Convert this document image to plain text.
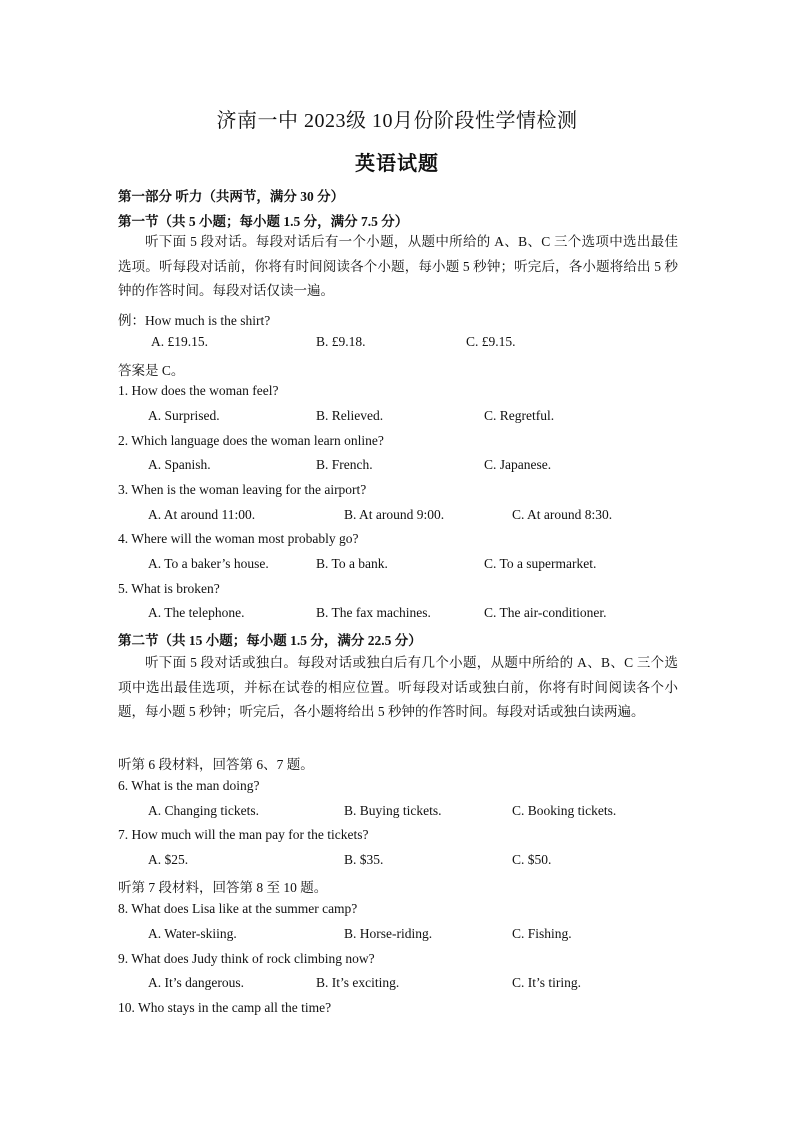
济南一中 2023级 10月份阶段性学情检测
英语试题
第一部分 听力（共两节，满分 30 分）
第一节（共 5 小题；每小题 1.5 分，满分 7.5 分）
听下面 5 段对话。每段对话后有一个小题，从题中所给的 A、B、C 三个选项中选出最佳选项。听每段对话前，你将有时间阅读各个小题，每小题 5 秒钟；听完后，各小题将给出 5 秒钟的作答时间。每段对话仅读一遍。
例：How much is the shirt?
A. £19.15.	B. £9.18.	C. £9.15.
答案是 C。
1. How does the woman feel?
A. Surprised.	B. Relieved.	C. Regretful.
2. Which language does the woman learn online?
A. Spanish.	B. French.	C. Japanese.
3. When is the woman leaving for the airport?
A. At around 11:00.	B. At around 9:00.	C. At around 8:30.
4. Where will the woman most probably go?
A. To a baker’s house.	B. To a bank.	C. To a supermarket.
5. What is broken?
A. The telephone.	B. The fax machines.	C. The air-conditioner.
第二节（共 15 小题；每小题 1.5 分，满分 22.5 分）
听下面 5 段对话或独白。每段对话或独白后有几个小题，从题中所给的 A、B、C 三个选项中选出最佳选项，并标在试卷的相应位置。听每段对话或独白前，你将有时间阅读各个小题，每小题 5 秒钟；听完后，各小题将给出 5 秒钟的作答时间。每段对话或独白读两遍。
听第 6 段材料，回答第 6、7 题。
6. What is the man doing?
A. Changing tickets.	B. Buying tickets.	C. Booking tickets.
7. How much will the man pay for the tickets?
A. $25.	B. $35.	C. $50.
听第 7 段材料，回答第 8 至 10 题。
8. What does Lisa like at the summer camp?
A. Water-skiing.	B. Horse-riding.	C. Fishing.
9. What does Judy think of rock climbing now?
A. It’s dangerous.	B. It’s exciting.	C. It’s tiring.
10. Who stays in the camp all the time?
